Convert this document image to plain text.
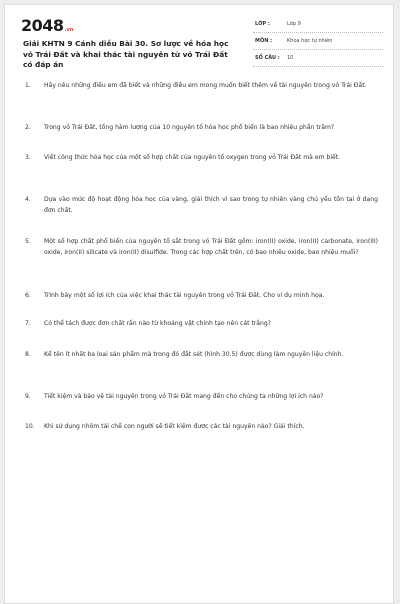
2048 .vn
Giải KHTN 9 Cánh diều Bài 30. Sơ lược về hóa học vỏ Trái Đất và khai thác tài nguyên từ vỏ Trái Đất có đáp án
LỚP :	Lớp 9
MÔN :	Khoa học tự nhiên
SỐ CÂU : 10
1. Hãy nêu những điều em đã biết và những điều em mong muốn biết thêm về tài nguyên trong vỏ Trái Đất.
2. Trong vỏ Trái Đất, tổng hàm lượng của 10 nguyên tố hóa học phổ biến là bao nhiêu phần trăm?
3. Viết công thức hóa học của một số hợp chất của nguyên tố oxygen trong vỏ Trái Đất mà em biết.
4. Dựa vào mức độ hoạt động hóa học của vàng, giải thích vì sao trong tự nhiên vàng chủ yếu tồn tại ở dạng đơn chất.
5. Một số hợp chất phổ biến của nguyên tố sắt trong vỏ Trái Đất gồm: iron(II) oxide, iron(II) carbonate, iron(III) oxide, iron(II) silicate và iron(II) disulfide. Trong các hợp chất trên, có bao nhiêu oxide, bao nhiêu muối?
6. Trình bày một số lợi ích của việc khai thác tài nguyên trong vỏ Trái Đất. Cho ví dụ minh họa.
7. Có thể tách được đơn chất rắn nào từ khoáng vật chính tạo nên cát trắng?
8. Kể tên ít nhất ba loại sản phẩm mà trong đó đất sét (hình 30.5) được dùng làm nguyên liệu chính.
9. Tiết kiệm và bảo vệ tài nguyên trong vỏ Trái Đất mang đến cho chúng ta những lợi ích nào?
10. Khi sử dụng nhôm tái chế con người sẽ tiết kiệm được các tài nguyên nào? Giải thích.
